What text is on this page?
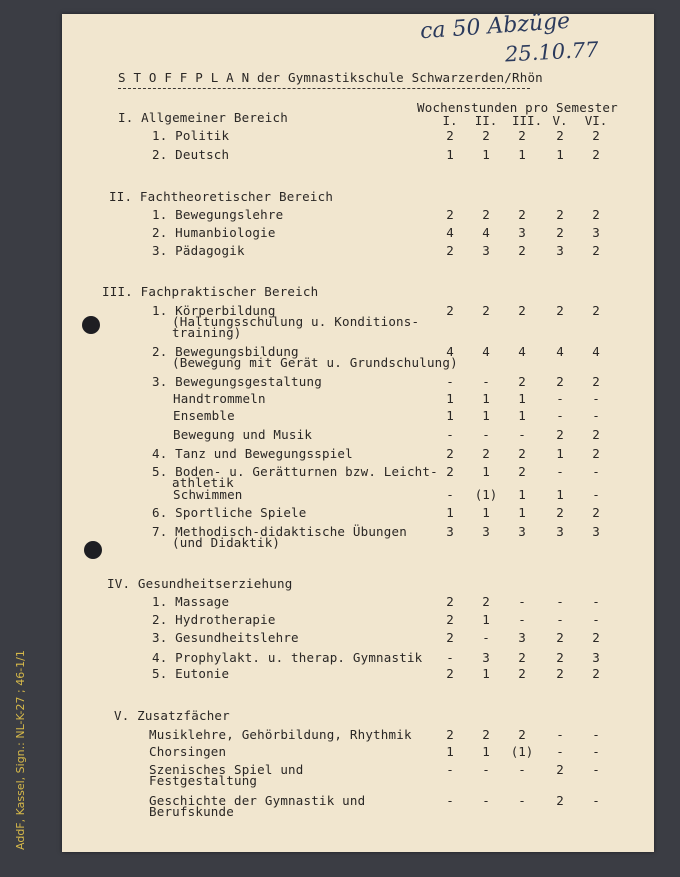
AddF, Kassel, Sign.: NL-K-27 ; 46-1/1
ca 50 Abzüge
25.10.77
S T O F F P L A N der Gymnastikschule Schwarzerden/Rhön
Wochenstunden pro Semester
I.	II. III. V.	VI.
I. Allgemeiner Bereich
1. Politik	2	2	2	2	2
2. Deutsch	1	1	1	1	2
II. Fachtheoretischer Bereich
1. Bewegungslehre	2	2	2	2	2
2. Humanbiologie	4	4	3	2	3
3. Pädagogik	2	3	2	3	2
III. Fachpraktischer Bereich
1. Körperbildung
(Haltungsschulung u. Konditions-
training)
2	2	2	2	2
2. Bewegungsbildung
(Bewegung mit Gerät u. Grundschulung)
4	4	4	4	4
3. Bewegungsgestaltung	-	-	2	2	2
Handtrommeln	1	1	1	-	-
Ensemble	1	1	1	-	-
Bewegung und Musik	-	-	-	2	2
4. Tanz und Bewegungsspiel	2	2	2	1	2
5. Boden- u. Gerätturnen bzw. Leicht-
athletik
2	1	2	-	-
Schwimmen	-	(1)	1	1	-
6. Sportliche Spiele	1	1	1	2	2
7. Methodisch-didaktische Übungen
(und Didaktik)
3	3	3	3	3
IV. Gesundheitserziehung
1. Massage	2	2	-	-	-
2. Hydrotherapie	2	1	-	-	-
3. Gesundheitslehre	2	-	3	2	2
4. Prophylakt. u. therap. Gymnastik	-	3	2	2	3
5. Eutonie	2	1	2	2	2
V. Zusatzfächer
Musiklehre, Gehörbildung, Rhythmik	2	2	2	-	-
Chorsingen	1	1	(1)	-	-
Szenisches Spiel und
Festgestaltung
-	-	-	2	-
Geschichte der Gymnastik und
Berufskunde
-	-	-	2	-
